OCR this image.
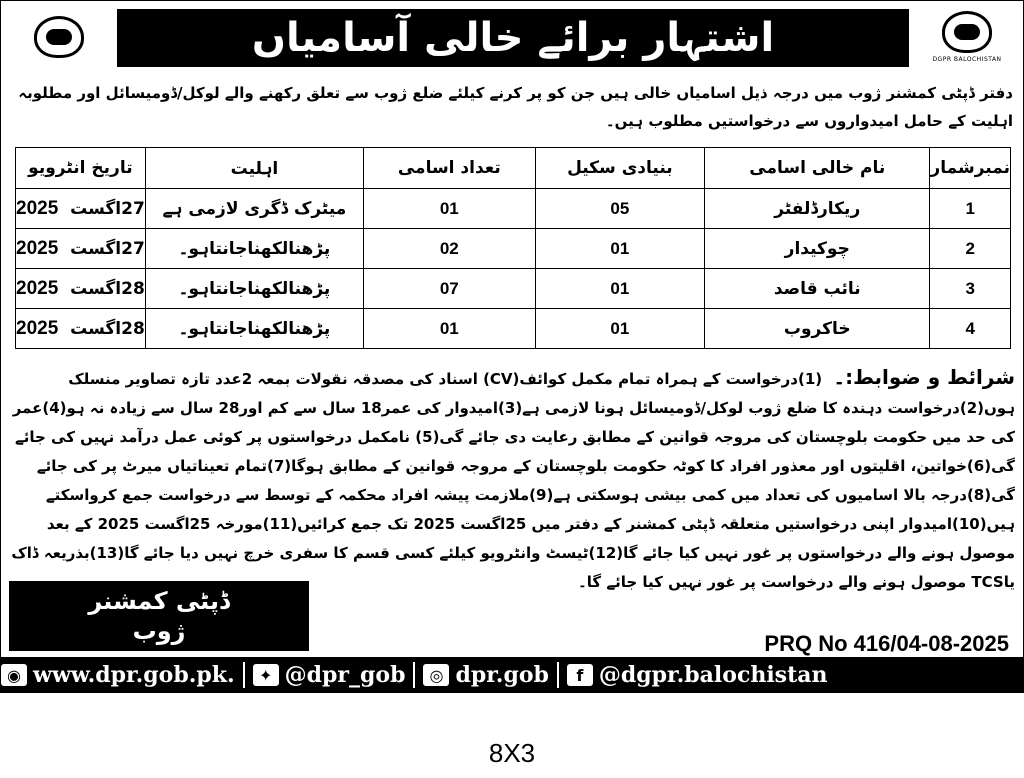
اشتہار برائے خالی آسامیاں	DGPR BALOCHISTAN
دفتر ڈپٹی کمشنر ژوب میں درجہ ذیل اسامیاں خالی ہیں جن کو پر کرنے کیلئے ضلع ژوب سے تعلق رکھنے والے لوکل/ڈومیسائل اور مطلوبہ اہلیت کے حامل امیدواروں سے درخواستیں مطلوب ہیں۔
نمبرشمار	نام خالی اسامی	بنیادی سکیل	تعداد اسامی	اہلیت	تاریخ انٹرویو
1	ریکارڈلفٹر	05	01	میٹرک ڈگری لازمی ہے	27اگست  2025
2	چوکیدار	01	02	پڑھنالکھناجانتاہو۔	27اگست  2025
3	نائب قاصد	01	07	پڑھنالکھناجانتاہو۔	28اگست  2025
4	خاکروب	01	01	پڑھنالکھناجانتاہو۔	28اگست  2025
شرائط و ضوابط:۔ (1)درخواست کے ہمراہ تمام مکمل کوائف(CV) اسناد کی مصدقہ نقولات بمعہ 2عدد تازہ تصاویر منسلک ہوں(2)درخواست دہندہ کا ضلع ژوب لوکل/ڈومیسائل ہونا لازمی ہے(3)امیدوار کی عمر18 سال سے کم اور28 سال سے زیادہ نہ ہو(4)عمر کی حد میں حکومت بلوچستان کی مروجہ قوانین کے مطابق رعایت دی جائے گی(5) نامکمل درخواستوں پر کوئی عمل درآمد نہیں کی جائے گی(6)خواتین، اقلیتوں اور معذور افراد کا کوٹہ حکومت بلوچستان کے مروجہ قوانین کے مطابق ہوگا(7)تمام تعیناتیاں میرٹ پر کی جائے گی(8)درجہ بالا اسامیوں کی تعداد میں کمی بیشی ہوسکتی ہے(9)ملازمت پیشہ افراد محکمہ کے توسط سے درخواست جمع کرواسکتے ہیں(10)امیدوار اپنی درخواستیں متعلقہ ڈپٹی کمشنر کے دفتر میں 25اگست 2025 تک جمع کرائیں(11)مورخہ 25اگست 2025 کے بعد موصول ہونے والے درخواستوں پر غور نہیں کیا جائے گا(12)ٹیسٹ وانٹرویو کیلئے کسی قسم کا سفری خرچ نہیں دیا جائے گا(13)بذریعہ ڈاک یاTCS موصول ہونے والے درخواست پر غور نہیں کیا جائے گا۔
ڈپٹی کمشنر
ژوب	PRQ No 416/04-08-2025
◉ www.dpr.gob.pk.	✦ @dpr_gob	◎ dpr.gob	f @dgpr.balochistan
8X3
